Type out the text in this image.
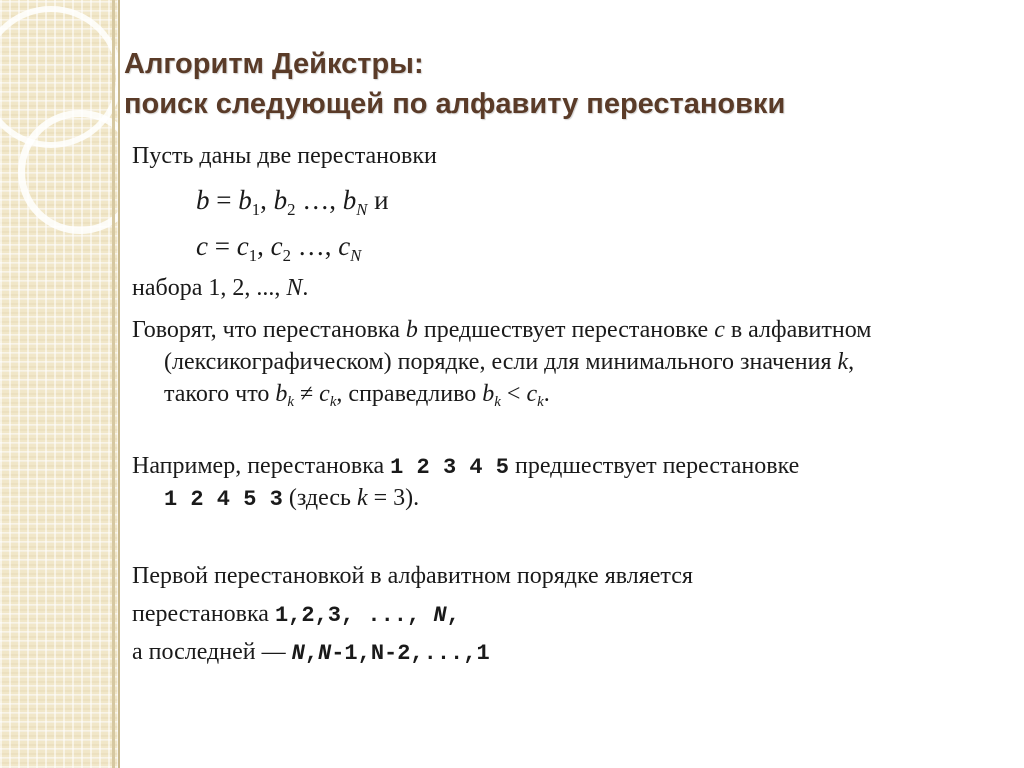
Алгоритм Дейкстры:
поиск следующей по алфавиту перестановки
Пусть даны две перестановки
$b = b_1$, $b_2$ …, $b_N$ и
$c = c_1$, $c_2$ …, $c_N$
набора 1, 2, ..., N.
Говорят, что перестановка b предшествует перестановке c в алфавитном
(лексикографическом) порядке, если для минимального значения k,
такого что $b_k \ne c_k$, справедливо $b_k < c_k$.
Например, перестановка 1 2 3 4 5 предшествует перестановке
1 2 4 5 3 (здесь k = 3).
Первой перестановкой в алфавитном порядке является
перестановка 1,2,3, ..., N,
а последней — N,N-1,N-2,...,1
